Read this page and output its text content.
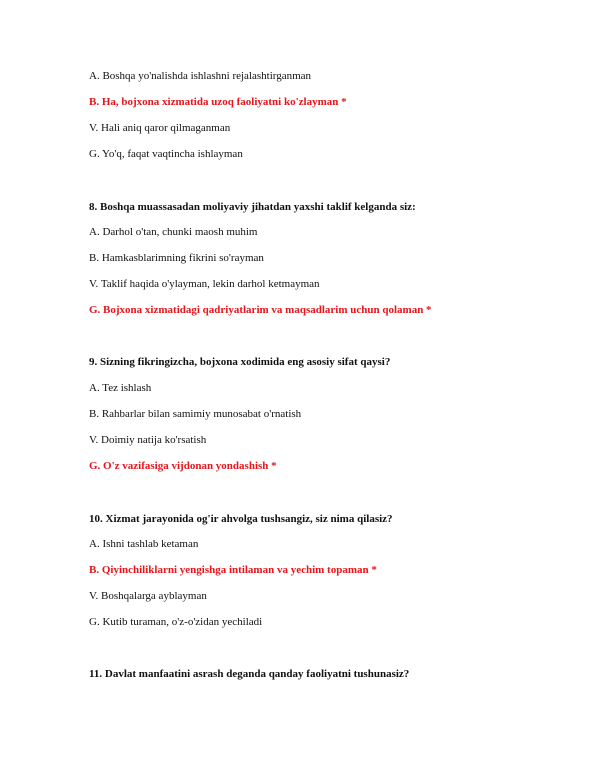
A. Boshqa yo'nalishda ishlashni rejalashtirganman
B. Ha, bojxona xizmatida uzoq faoliyatni ko'zlayman *
V. Hali aniq qaror qilmaganman
G. Yo'q, faqat vaqtincha ishlayman
8. Boshqa muassasadan moliyaviy jihatdan yaxshi taklif kelganda siz:
A. Darhol o'tan, chunki maosh muhim
B. Hamkasblarimning fikrini so'rayman
V. Taklif haqida o'ylayman, lekin darhol ketmayman
G. Bojxona xizmatidagi qadriyatlarim va maqsadlarim uchun qolaman *
9. Sizning fikringizcha, bojxona xodimida eng asosiy sifat qaysi?
A. Tez ishlash
B. Rahbarlar bilan samimiy munosabat o'rnatish
V. Doimiy natija ko'rsatish
G. O'z vazifasiga vijdonan yondashish *
10. Xizmat jarayonida og'ir ahvolga tushsangiz, siz nima qilasiz?
A. Ishni tashlab ketaman
B. Qiyinchiliklarni yengishga intilaman va yechim topaman *
V. Boshqalarga ayblayman
G. Kutib turaman, o'z-o'zidan yechiladi
11. Davlat manfaatini asrash deganda qanday faoliyatni tushunasiz?
